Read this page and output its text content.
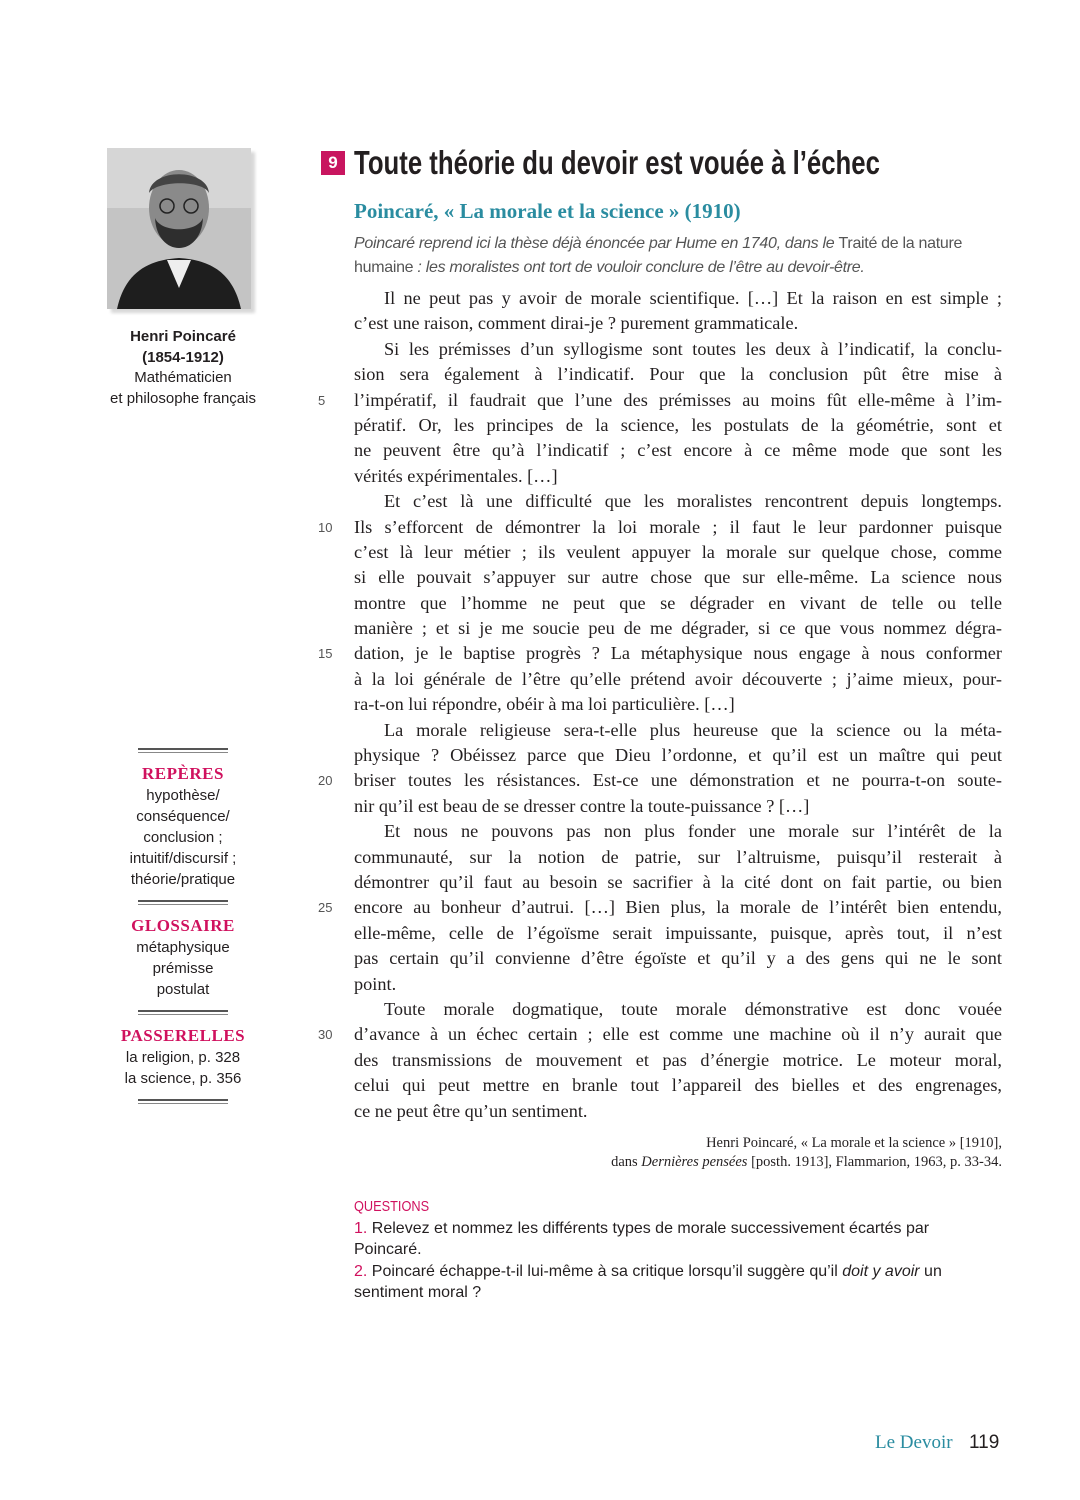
Henri Poincaré
(1854-1912)
Mathématicien
et philosophe français
REPÈRES
hypothèse/
conséquence/
conclusion ;
intuitif/discursif ;
théorie/pratique
GLOSSAIRE
métaphysique
prémisse
postulat
PASSERELLES
la religion, p. 328
la science, p. 356
9 Toute théorie du devoir est vouée à l’échec
Poincaré, « La morale et la science » (1910)
Poincaré reprend ici la thèse déjà énoncée par Hume en 1740, dans le Traité de la nature humaine : les moralistes ont tort de vouloir conclure de l’être au devoir-être.
Il ne peut pas y avoir de morale scientifique. […] Et la raison en est simple ;
c’est une raison, comment dirai-je ? purement grammaticale.
Si les prémisses d’un syllogisme sont toutes les deux à l’indicatif, la conclu-
sion sera également à l’indicatif. Pour que la conclusion pût être mise à
5	l’impératif, il faudrait que l’une des prémisses au moins fût elle-même à l’im-
pératif. Or, les principes de la science, les postulats de la géométrie, sont et
ne peuvent être qu’à l’indicatif ; c’est encore à ce même mode que sont les
vérités expérimentales. […]
Et c’est là une difficulté que les moralistes rencontrent depuis longtemps.
10	Ils s’efforcent de démontrer la loi morale ; il faut le leur pardonner puisque
c’est là leur métier ; ils veulent appuyer la morale sur quelque chose, comme
si elle pouvait s’appuyer sur autre chose que sur elle-même. La science nous
montre que l’homme ne peut que se dégrader en vivant de telle ou telle
manière ; et si je me soucie peu de me dégrader, si ce que vous nommez dégra-
15	dation, je le baptise progrès ? La métaphysique nous engage à nous conformer
à la loi générale de l’être qu’elle prétend avoir découverte ; j’aime mieux, pour-
ra-t-on lui répondre, obéir à ma loi particulière. […]
La morale religieuse sera-t-elle plus heureuse que la science ou la méta-
physique ? Obéissez parce que Dieu l’ordonne, et qu’il est un maître qui peut
20	briser toutes les résistances. Est-ce une démonstration et ne pourra-t-on soute-
nir qu’il est beau de se dresser contre la toute-puissance ? […]
Et nous ne pouvons pas non plus fonder une morale sur l’intérêt de la
communauté, sur la notion de patrie, sur l’altruisme, puisqu’il resterait à
démontrer qu’il faut au besoin se sacrifier à la cité dont on fait partie, ou bien
25	encore au bonheur d’autrui. […] Bien plus, la morale de l’intérêt bien entendu,
elle-même, celle de l’égoïsme serait impuissante, puisque, après tout, il n’est
pas certain qu’il convienne d’être égoïste et qu’il y a des gens qui ne le sont
point.
Toute morale dogmatique, toute morale démonstrative est donc vouée
30	d’avance à un échec certain ; elle est comme une machine où il n’y aurait que
des transmissions de mouvement et pas d’énergie motrice. Le moteur moral,
celui qui peut mettre en branle tout l’appareil des bielles et des engrenages,
ce ne peut être qu’un sentiment.
Henri Poincaré, « La morale et la science » [1910],
dans Dernières pensées [posth. 1913], Flammarion, 1963, p. 33-34.
QUESTIONS
1. Relevez et nommez les différents types de morale successivement écartés par Poincaré.
2. Poincaré échappe-t-il lui-même à sa critique lorsqu’il suggère qu’il doit y avoir un sentiment moral ?
Le Devoir 119
